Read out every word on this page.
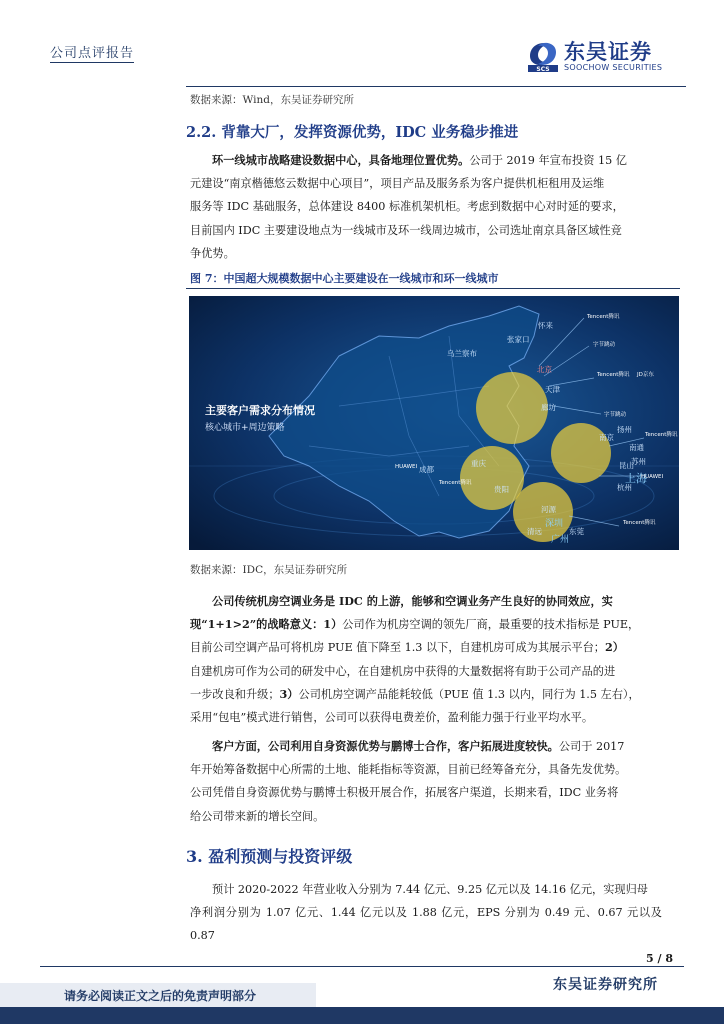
公司点评报告
SCS
东吴证券
SOOCHOW SECURITIES
数据来源：Wind，东吴证券研究所
2.2. 背靠大厂，发挥资源优势，IDC 业务稳步推进
环一线城市战略建设数据中心，具备地理位置优势。公司于 2019 年宣布投资 15 亿
元建设“南京楷德悠云数据中心项目”，项目产品及服务系为客户提供机柜租用及运维
服务等 IDC 基础服务，总体建设 8400 标准机架机柜。考虑到数据中心对时延的要求，
目前国内 IDC 主要建设地点为一线城市及环一线周边城市，公司选址南京具备区域性竞
争优势。
图 7：中国超大规模数据中心主要建设在一线城市和环一线城市
怀来
张家口
乌兰察布
北京
天津
廊坊
扬州
南京
南通
苏州
昆山
上海
杭州
成都
重庆
贵阳
深圳
东莞
河源
广州
清远
Tencent腾讯
字节跳动
Tencent腾讯 JD京东
字节跳动
Tencent腾讯
HUAWEI
Tencent腾讯
HUAWEI
Tencent腾讯
主要客户需求分布情况
核心城市+周边策略
数据来源：IDC，东吴证券研究所
公司传统机房空调业务是 IDC 的上游，能够和空调业务产生良好的协同效应，实
现“1+1>2”的战略意义：1）公司作为机房空调的领先厂商，最重要的技术指标是 PUE，
目前公司空调产品可将机房 PUE 值下降至 1.3 以下，自建机房可成为其展示平台；2）
自建机房可作为公司的研发中心，在自建机房中获得的大量数据将有助于公司产品的进
一步改良和升级；3）公司机房空调产品能耗较低（PUE 值 1.3 以内，同行为 1.5 左右），
采用“包电”模式进行销售，公司可以获得电费差价，盈利能力强于行业平均水平。
客户方面，公司利用自身资源优势与鹏博士合作，客户拓展进度较快。公司于 2017
年开始筹备数据中心所需的土地、能耗指标等资源，目前已经筹备充分，具备先发优势。
公司凭借自身资源优势与鹏博士积极开展合作，拓展客户渠道，长期来看，IDC 业务将
给公司带来新的增长空间。
3. 盈利预测与投资评级
预计 2020-2022 年营业收入分别为 7.44 亿元、9.25 亿元以及 14.16 亿元，实现归母
净利润分别为 1.07 亿元、1.44 亿元以及 1.88 亿元，EPS 分别为 0.49 元、0.67 元以及 0.87
5 / 8
东吴证券研究所
请务必阅读正文之后的免责声明部分
